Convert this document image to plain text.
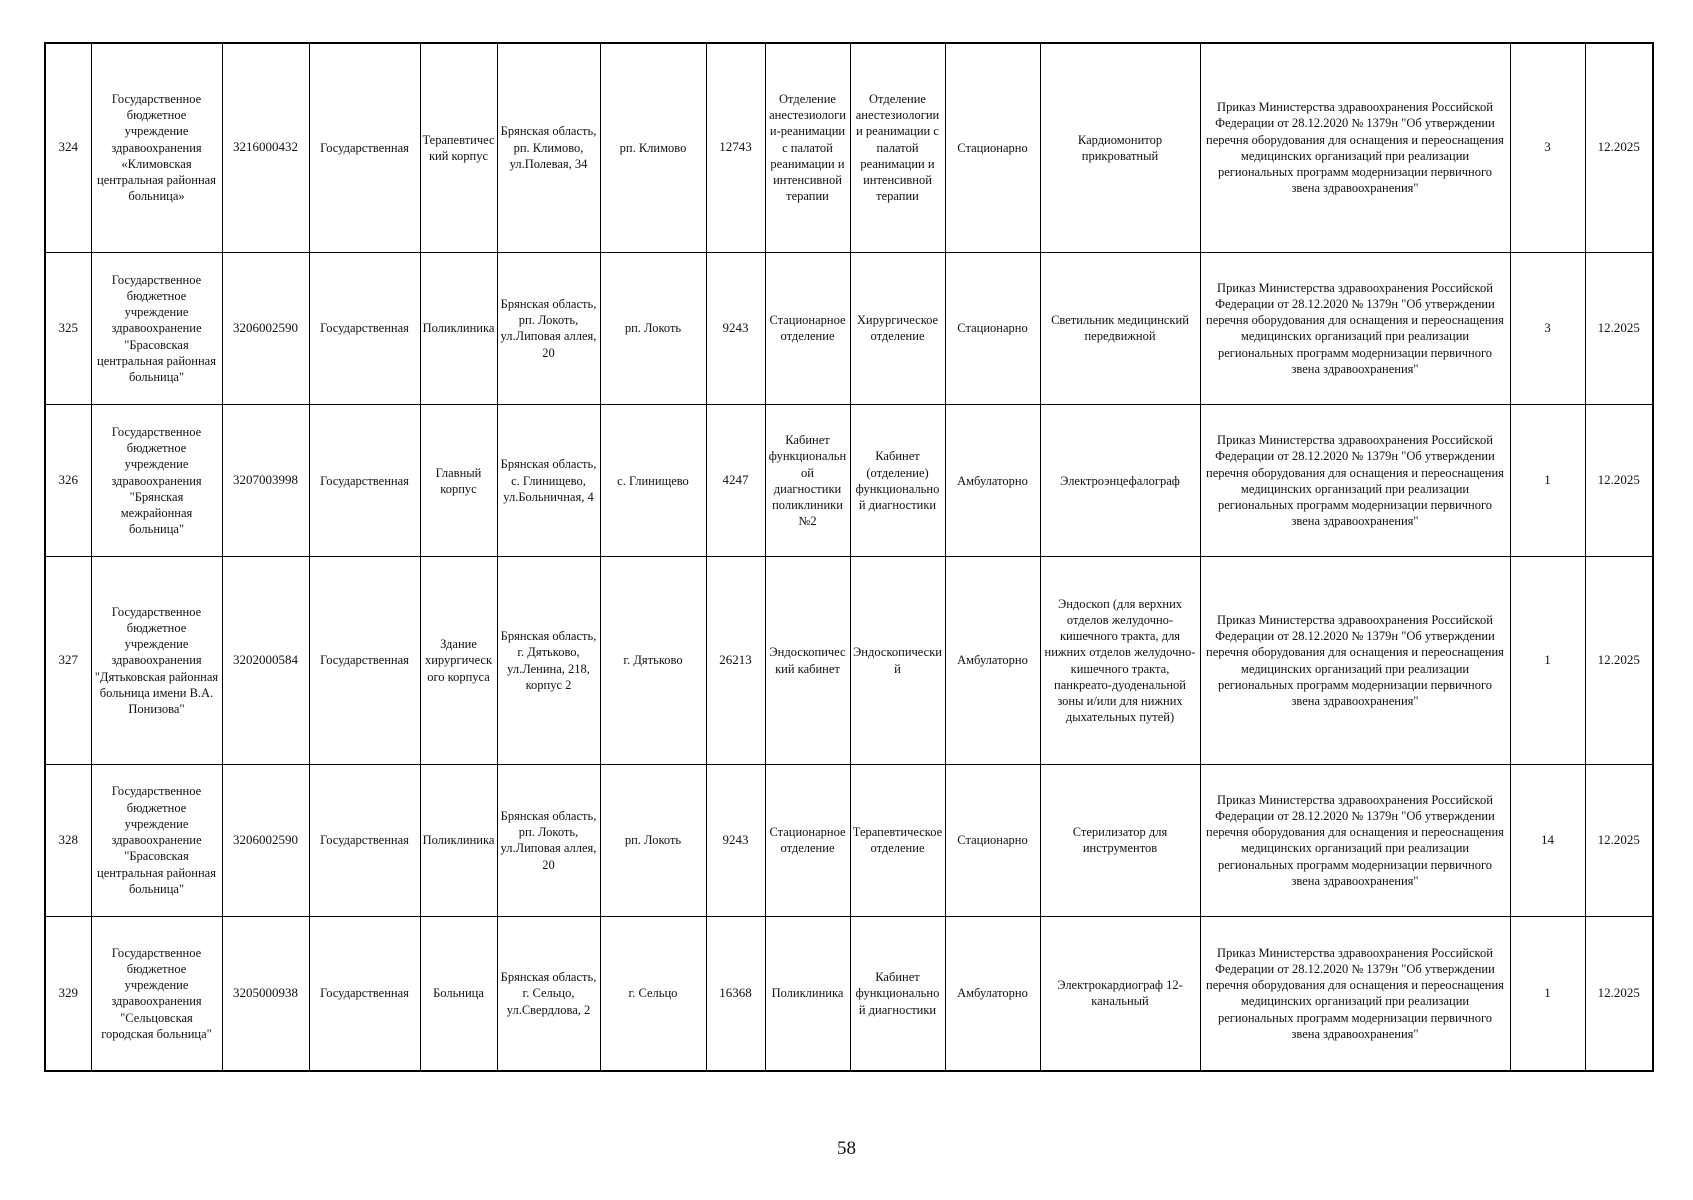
324	Государственное бюджетное учреждение здравоохранения «Климовская центральная районная больница»	3216000432	Государственная	Терапевтический корпус	Брянская область, рп. Климово, ул.Полевая, 34	рп. Климово	12743	Отделение анестезиологии-реанимации с палатой реанимации и интенсивной терапии	Отделение анестезиологии и реанимации с палатой реанимации и интенсивной терапии	Стационарно	Кардиомонитор прикроватный	Приказ Министерства здравоохранения Российской Федерации от 28.12.2020 № 1379н "Об утверждении перечня оборудования для оснащения и переоснащения медицинских организаций при реализации региональных программ модернизации первичного звена здравоохранения"	3	12.2025
325	Государственное бюджетное учреждение здравоохранение "Брасовская центральная районная больница"	3206002590	Государственная	Поликлиника	Брянская область, рп. Локоть, ул.Липовая аллея, 20	рп. Локоть	9243	Стационарное отделение	Хирургическое отделение	Стационарно	Светильник медицинский передвижной	Приказ Министерства здравоохранения Российской Федерации от 28.12.2020 № 1379н "Об утверждении перечня оборудования для оснащения и переоснащения медицинских организаций при реализации региональных программ модернизации первичного звена здравоохранения"	3	12.2025
326	Государственное бюджетное учреждение здравоохранения "Брянская межрайонная больница"	3207003998	Государственная	Главный корпус	Брянская область, с. Глинищево, ул.Больничная, 4	с. Глинищево	4247	Кабинет функциональной диагностики поликлиники №2	Кабинет (отделение) функциональной диагностики	Амбулаторно	Электроэнцефалограф	Приказ Министерства здравоохранения Российской Федерации от 28.12.2020 № 1379н "Об утверждении перечня оборудования для оснащения и переоснащения медицинских организаций при реализации региональных программ модернизации первичного звена здравоохранения"	1	12.2025
327	Государственное бюджетное учреждение здравоохранения "Дятьковская районная больница имени В.А. Понизова"	3202000584	Государственная	Здание хирургического корпуса	Брянская область, г. Дятьково, ул.Ленина, 218, корпус 2	г. Дятьково	26213	Эндоскопический кабинет	Эндоскопический	Амбулаторно	Эндоскоп (для верхних отделов желудочно-кишечного тракта, для нижних отделов желудочно-кишечного тракта, панкреато-дуоденальной зоны и/или для нижних дыхательных путей)	Приказ Министерства здравоохранения Российской Федерации от 28.12.2020 № 1379н "Об утверждении перечня оборудования для оснащения и переоснащения медицинских организаций при реализации региональных программ модернизации первичного звена здравоохранения"	1	12.2025
328	Государственное бюджетное учреждение здравоохранение "Брасовская центральная районная больница"	3206002590	Государственная	Поликлиника	Брянская область, рп. Локоть, ул.Липовая аллея, 20	рп. Локоть	9243	Стационарное отделение	Терапевтическое отделение	Стационарно	Стерилизатор для инструментов	Приказ Министерства здравоохранения Российской Федерации от 28.12.2020 № 1379н "Об утверждении перечня оборудования для оснащения и переоснащения медицинских организаций при реализации региональных программ модернизации первичного звена здравоохранения"	14	12.2025
329	Государственное бюджетное учреждение здравоохранения "Сельцовская городская больница"	3205000938	Государственная	Больница	Брянская область, г. Сельцо, ул.Свердлова, 2	г. Сельцо	16368	Поликлиника	Кабинет функциональной диагностики	Амбулаторно	Электрокардиограф 12-канальный	Приказ Министерства здравоохранения Российской Федерации от 28.12.2020 № 1379н "Об утверждении перечня оборудования для оснащения и переоснащения медицинских организаций при реализации региональных программ модернизации первичного звена здравоохранения"	1	12.2025
58
